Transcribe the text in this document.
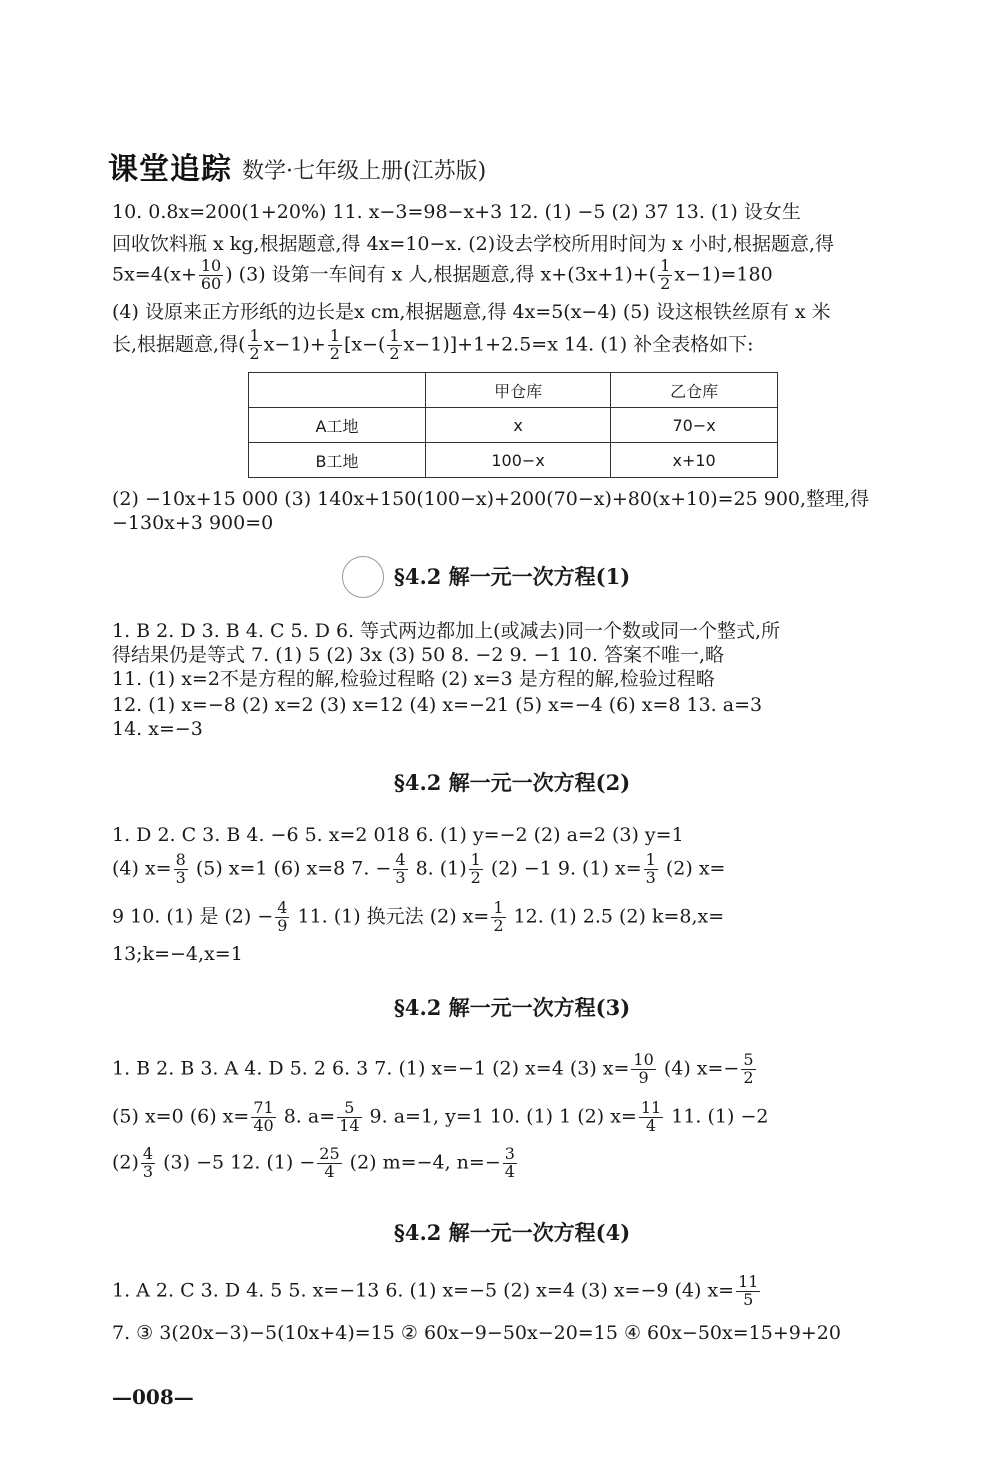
课堂追踪 数学·七年级上册(江苏版)
10. 0.8x=200(1+20%) 11. x−3=98−x+3 12. (1) −5 (2) 37 13. (1) 设女生
回收饮料瓶 x kg,根据题意,得 4x=10−x. (2)设去学校所用时间为 x 小时,根据题意,得
$5x=4(x+ \frac{10}{60}$ ) (3) 设第一车间有 x 人,根据题意,得 $x+(3x+1)+( \frac{1}{2} x-1)=180$
(4) 设原来正方形纸的边长是x cm,根据题意,得 4x=5(x−4) (5) 设这根铁丝原有 x 米
长,根据题意,得( $\frac{1}{2} x-1)+ \frac{1}{2} [x-( \frac{1}{2} x-1)]+1+2.5=x$ 14. (1) 补全表格如下:
(2) −10x+15 000 (3) 140x+150(100−x)+200(70−x)+80(x+10)=25 900,整理,得
−130x+3 900=0
§4.2 解一元一次方程(1)
1. B 2. D 3. B 4. C 5. D 6. 等式两边都加上(或减去)同一个数或同一个整式,所
得结果仍是等式 7. (1) 5 (2) 3x (3) 50 8. −2 9. −1 10. 答案不唯一,略
11. (1) x=2不是方程的解,检验过程略 (2) x=3 是方程的解,检验过程略
12. (1) x=−8 (2) x=2 (3) x=12 (4) x=−21 (5) x=−4 (6) x=8 13. a=3
14. x=−3
§4.2 解一元一次方程(2)
1. D 2. C 3. B 4. −6 5. x=2 018 6. (1) y=−2 (2) a=2 (3) y=1
(4) $x= \frac{8}{3} (5)$ x=1 (6) x=8 7. − $\frac{4}{3} 8$. $(1) \frac{1}{2} (2) -1$ 9. (1) $x= \frac{1}{3} (2)$ x=
9 10. (1) 是 $(2) - \frac{4}{9} 11$. (1) 换元法 (2) $x= \frac{1}{2} 12$. (1) 2.5 (2) k=8,x=
13;k=−4,x=1
§4.2 解一元一次方程(3)
1. B 2. B 3. A 4. D 5. 2 6. 3 7. (1) x=−1 (2) x=4 (3) $x= \frac{10}{9} (4)$ $x=- \frac{5}{2}$
(5) x=0 (6) $x= \frac{71}{40} 8$. $a= \frac{5}{14} 9$. a=1, y=1 10. (1) 1 (2) $x= \frac{11}{4} 11$. (1) −2
$(2) \frac{4}{3} (3) -5$ 12. $(1) - \frac{25}{4} (2)$ m=−4, $n=- \frac{3}{4}$
§4.2 解一元一次方程(4)
1. A 2. C 3. D 4. 5 5. x=−13 6. (1) x=−5 (2) x=4 (3) x=−9 (4) $x= \frac{11}{5}$
7. ③ 3(20x−3)−5(10x+4)=15 ② 60x−9−50x−20=15 ④ 60x−50x=15+9+20
	甲仓库	乙仓库
A工地	x	70−x
B工地	100−x	x+10
—008—
